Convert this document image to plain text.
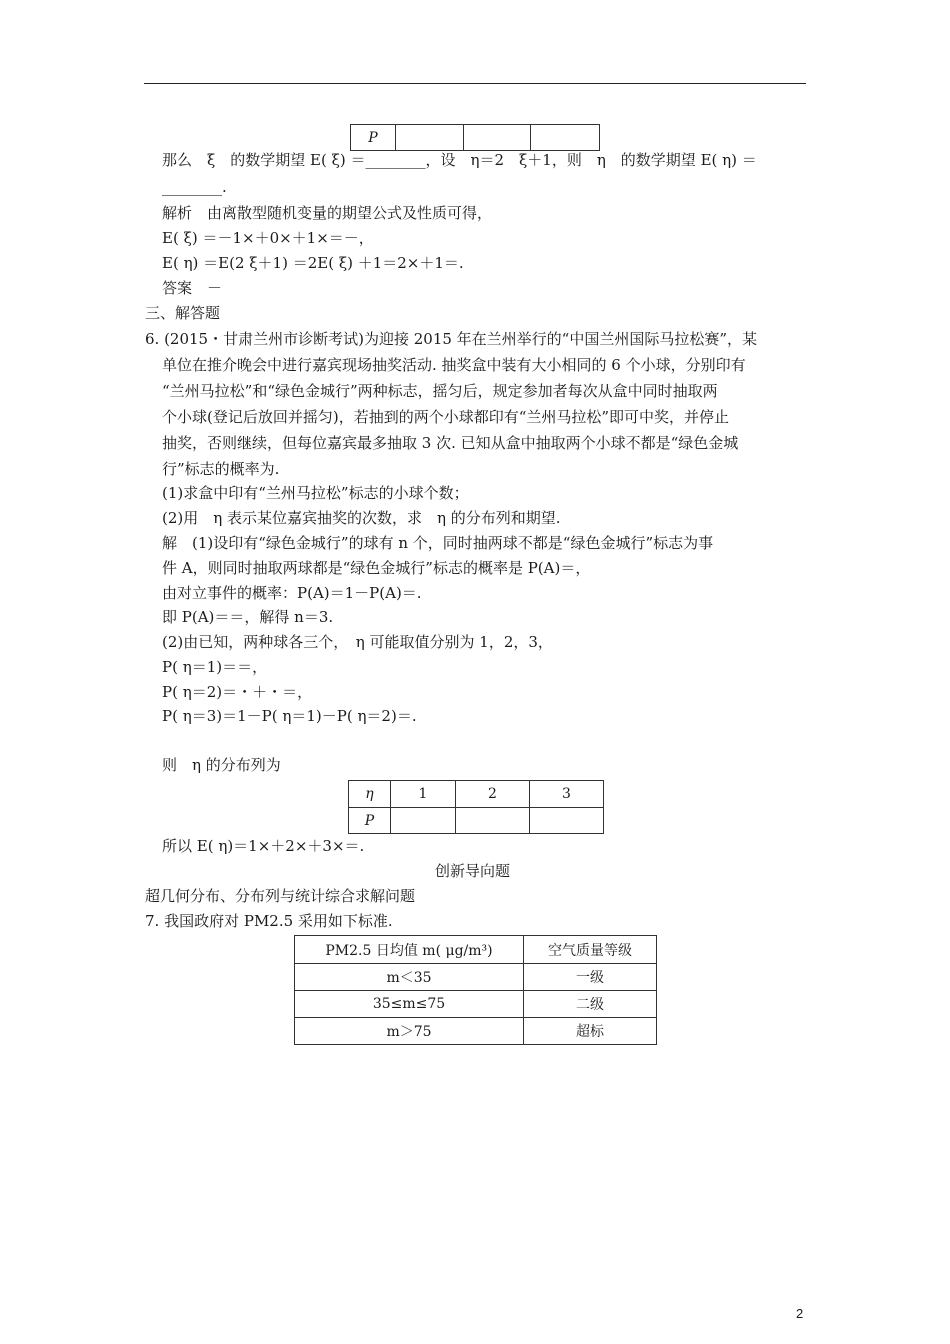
P			
那么　ξ　的数学期望 E( ξ) ＝________，设　η＝2　ξ＋1，则　η　的数学期望 E( η) ＝
________.
解析　由离散型随机变量的期望公式及性质可得，
E( ξ) ＝－1×＋0×＋1×＝－，
E( η) ＝E(2 ξ＋1) ＝2E( ξ) ＋1＝2×＋1＝.
答案　－
三、解答题
6. (2015・甘肃兰州市诊断考试)为迎接 2015 年在兰州举行的“中国兰州国际马拉松赛”，某
单位在推介晚会中进行嘉宾现场抽奖活动. 抽奖盒中装有大小相同的 6 个小球，分别印有
“兰州马拉松”和“绿色金城行”两种标志，摇匀后，规定参加者每次从盒中同时抽取两
个小球(登记后放回并摇匀)，若抽到的两个小球都印有“兰州马拉松”即可中奖，并停止
抽奖，否则继续，但每位嘉宾最多抽取 3 次. 已知从盒中抽取两个小球不都是“绿色金城
行”标志的概率为.
(1)求盒中印有“兰州马拉松”标志的小球个数；
(2)用　η 表示某位嘉宾抽奖的次数，求　η 的分布列和期望.
解　(1)设印有“绿色金城行”的球有 n 个，同时抽两球不都是“绿色金城行”标志为事
件 A，则同时抽取两球都是“绿色金城行”标志的概率是 P(A)＝，
由对立事件的概率：P(A)＝1－P(A)＝.
即 P(A)＝＝，解得 n＝3.
(2)由已知，两种球各三个，　η 可能取值分别为 1，2，3，
P( η＝1)＝＝，
P( η＝2)＝・＋・＝，
P( η＝3)＝1－P( η＝1)－P( η＝2)＝.
则　η 的分布列为
η	1	2	3
P			
所以 E( η)＝1×＋2×＋3×＝.
创新导向题
超几何分布、分布列与统计综合求解问题
7. 我国政府对 PM2.5 采用如下标准.
PM2.5 日均值 m( μg/m³)	空气质量等级
m＜35	一级
35≤m≤75	二级
m＞75	超标
2
